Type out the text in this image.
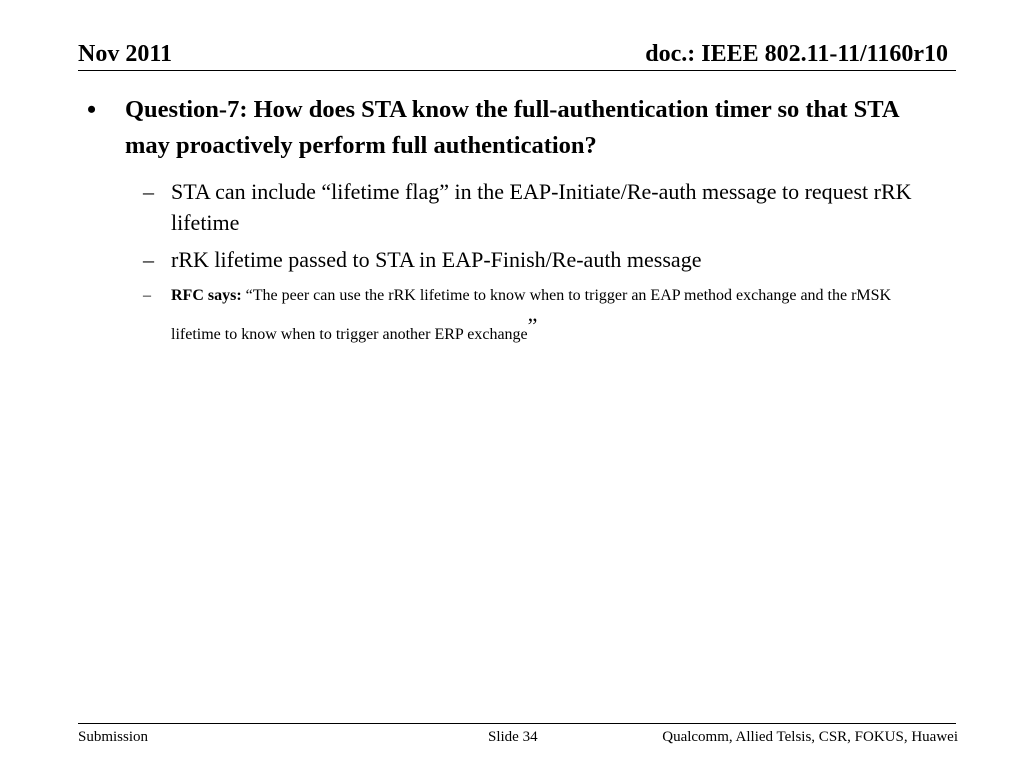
Nov 2011	doc.: IEEE 802.11-11/1160r10
• Question-7: How does STA know the full-authentication timer so that STA may proactively perform full authentication?
– STA can include “lifetime flag” in the EAP-Initiate/Re-auth message to request rRK lifetime
– rRK lifetime passed to STA in EAP-Finish/Re-auth message
– RFC says: “The peer can use the rRK lifetime to know when to trigger an EAP method exchange and the rMSK lifetime to know when to trigger another ERP exchange”
Submission	Slide 34	Qualcomm, Allied Telsis, CSR, FOKUS, Huawei
